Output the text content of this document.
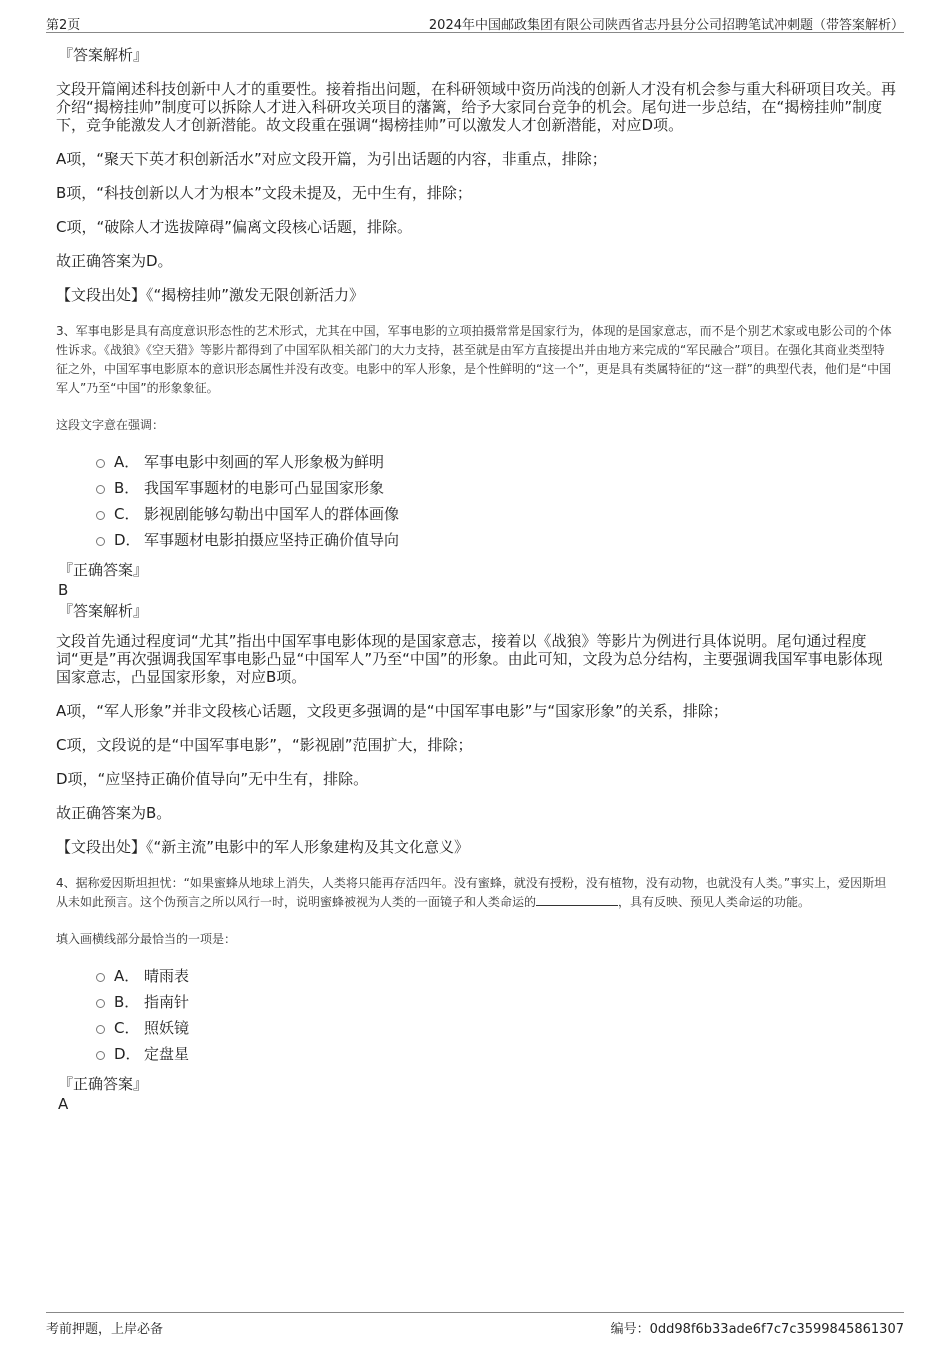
第2页	2024年中国邮政集团有限公司陕西省志丹县分公司招聘笔试冲刺题（带答案解析）

『答案解析』

文段开篇阐述科技创新中人才的重要性。接着指出问题，在科研领域中资历尚浅的创新人才没有机会参与重大科研项目攻关。再介绍“揭榜挂帅”制度可以拆除人才进入科研攻关项目的藩篱，给予大家同台竞争的机会。尾句进一步总结，在“揭榜挂帅”制度下，竞争能激发人才创新潜能。故文段重在强调“揭榜挂帅”可以激发人才创新潜能，对应D项。

A项，“聚天下英才积创新活水”对应文段开篇，为引出话题的内容，非重点，排除；

B项，“科技创新以人才为根本”文段未提及，无中生有，排除；

C项，“破除人才选拔障碍”偏离文段核心话题，排除。

故正确答案为D。

【文段出处】《“揭榜挂帅”激发无限创新活力》

3、军事电影是具有高度意识形态性的艺术形式，尤其在中国，军事电影的立项拍摄常常是国家行为，体现的是国家意志，而不是个别艺术家或电影公司的个体性诉求。《战狼》《空天猎》等影片都得到了中国军队相关部门的大力支持，甚至就是由军方直接提出并由地方来完成的“军民融合”项目。在强化其商业类型特征之外，中国军事电影原本的意识形态属性并没有改变。电影中的军人形象，是个性鲜明的“这一个”，更是具有类属特征的“这一群”的典型代表，他们是“中国军人”乃至“中国”的形象象征。

这段文字意在强调：

A． 军事电影中刻画的军人形象极为鲜明
B． 我国军事题材的电影可凸显国家形象
C． 影视剧能够勾勒出中国军人的群体画像
D． 军事题材电影拍摄应坚持正确价值导向

『正确答案』

B

『答案解析』

文段首先通过程度词“尤其”指出中国军事电影体现的是国家意志，接着以《战狼》等影片为例进行具体说明。尾句通过程度词“更是”再次强调我国军事电影凸显“中国军人”乃至“中国”的形象。由此可知，文段为总分结构，主要强调我国军事电影体现国家意志，凸显国家形象，对应B项。

A项，“军人形象”并非文段核心话题，文段更多强调的是“中国军事电影”与“国家形象”的关系，排除；

C项，文段说的是“中国军事电影”，“影视剧”范围扩大，排除；

D项，“应坚持正确价值导向”无中生有，排除。

故正确答案为B。

【文段出处】《“新主流”电影中的军人形象建构及其文化意义》

4、据称爱因斯坦担忧：“如果蜜蜂从地球上消失，人类将只能再存活四年。没有蜜蜂，就没有授粉，没有植物，没有动物，也就没有人类。”事实上，爱因斯坦从未如此预言。这个伪预言之所以风行一时，说明蜜蜂被视为人类的一面镜子和人类命运的	，具有反映、预见人类命运的功能。

填入画横线部分最恰当的一项是：

A． 晴雨表
B． 指南针
C． 照妖镜
D． 定盘星

『正确答案』

A

考前押题，上岸必备	编号：0dd98f6b33ade6f7c7c3599845861307
